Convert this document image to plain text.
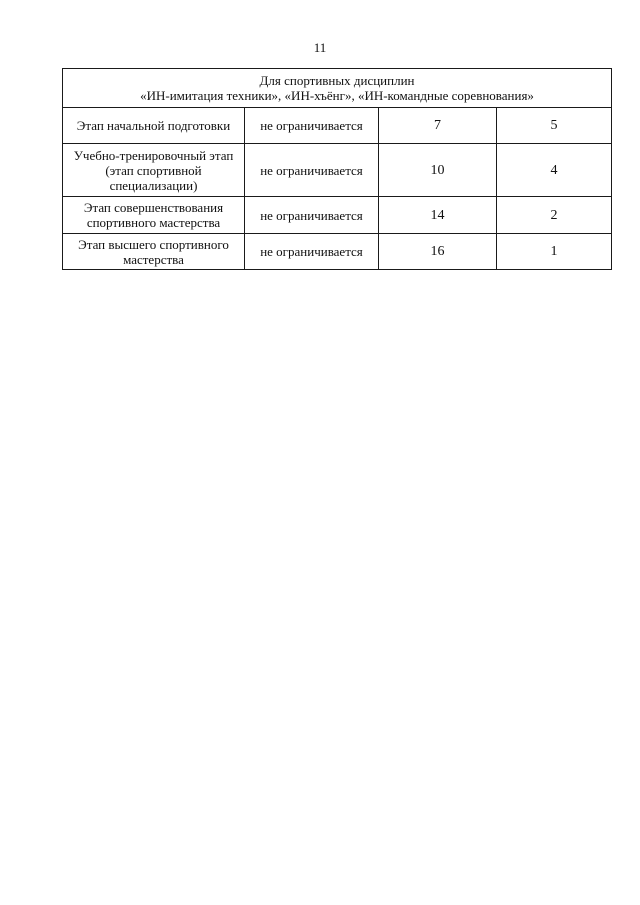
11
Для спортивных дисциплин
«ИН-имитация техники», «ИН-хъёнг», «ИН-командные соревнования»			

Этап начальной подготовки	не ограничивается	7	5
Учебно-тренировочный этап (этап спортивной специализации)	не ограничивается	10	4
Этап совершенствования спортивного мастерства	не ограничивается	14	2
Этап высшего спортивного мастерства	не ограничивается	16	1
